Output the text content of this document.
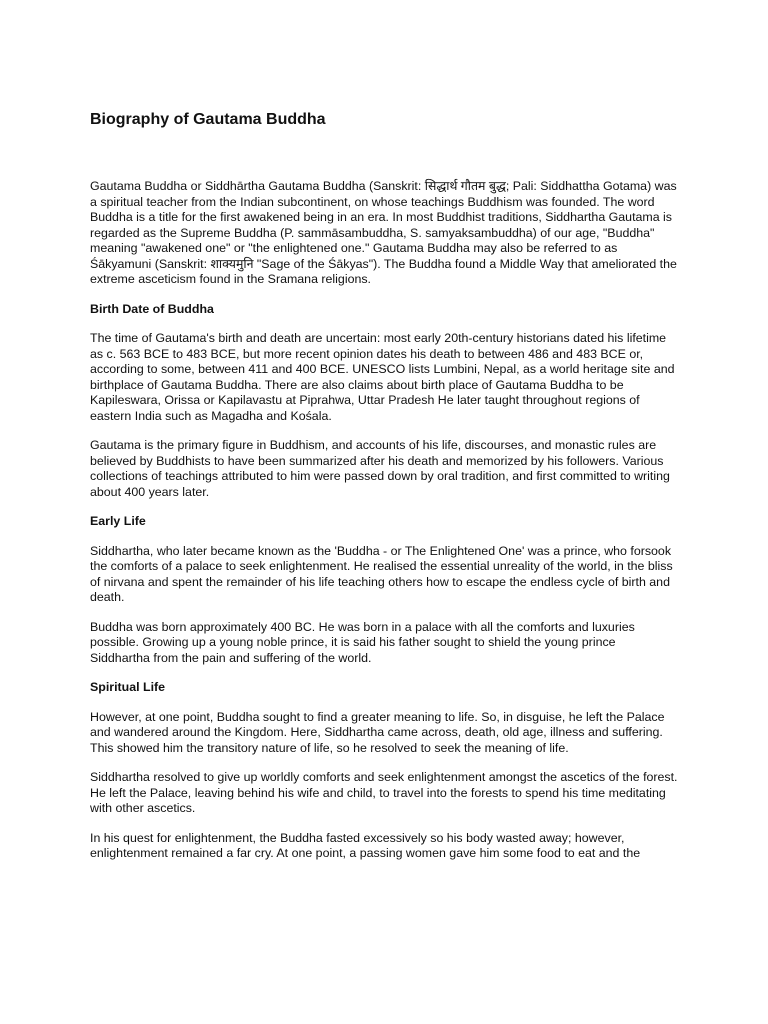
Biography of Gautama Buddha

Gautama Buddha or Siddhārtha Gautama Buddha (Sanskrit: सिद्धार्थ गौतम बुद्ध; Pali: Siddhattha Gotama) was a spiritual teacher from the Indian subcontinent, on whose teachings Buddhism was founded. The word Buddha is a title for the first awakened being in an era. In most Buddhist traditions, Siddhartha Gautama is regarded as the Supreme Buddha (P. sammāsambuddha, S. samyaksambuddha) of our age, "Buddha" meaning "awakened one" or "the enlightened one." Gautama Buddha may also be referred to as Śākyamuni (Sanskrit: शाक्यमुनि "Sage of the Śākyas"). The Buddha found a Middle Way that ameliorated the extreme asceticism found in the Sramana religions.

Birth Date of Buddha

The time of Gautama's birth and death are uncertain: most early 20th-century historians dated his lifetime as c. 563 BCE to 483 BCE, but more recent opinion dates his death to between 486 and 483 BCE or, according to some, between 411 and 400 BCE. UNESCO lists Lumbini, Nepal, as a world heritage site and birthplace of Gautama Buddha. There are also claims about birth place of Gautama Buddha to be Kapileswara, Orissa or Kapilavastu at Piprahwa, Uttar Pradesh He later taught throughout regions of eastern India such as Magadha and Kośala.

Gautama is the primary figure in Buddhism, and accounts of his life, discourses, and monastic rules are believed by Buddhists to have been summarized after his death and memorized by his followers. Various collections of teachings attributed to him were passed down by oral tradition, and first committed to writing about 400 years later.

Early Life

Siddhartha, who later became known as the 'Buddha - or The Enlightened One' was a prince, who forsook the comforts of a palace to seek enlightenment. He realised the essential unreality of the world, in the bliss of nirvana and spent the remainder of his life teaching others how to escape the endless cycle of birth and death.

Buddha was born approximately 400 BC. He was born in a palace with all the comforts and luxuries possible. Growing up a young noble prince, it is said his father sought to shield the young prince Siddhartha from the pain and suffering of the world.

Spiritual Life

However, at one point, Buddha sought to find a greater meaning to life. So, in disguise, he left the Palace and wandered around the Kingdom. Here, Siddhartha came across, death, old age, illness and suffering. This showed him the transitory nature of life, so he resolved to seek the meaning of life.

Siddhartha resolved to give up worldly comforts and seek enlightenment amongst the ascetics of the forest. He left the Palace, leaving behind his wife and child, to travel into the forests to spend his time meditating with other ascetics.

In his quest for enlightenment, the Buddha fasted excessively so his body wasted away; however, enlightenment remained a far cry. At one point, a passing women gave him some food to eat and the
